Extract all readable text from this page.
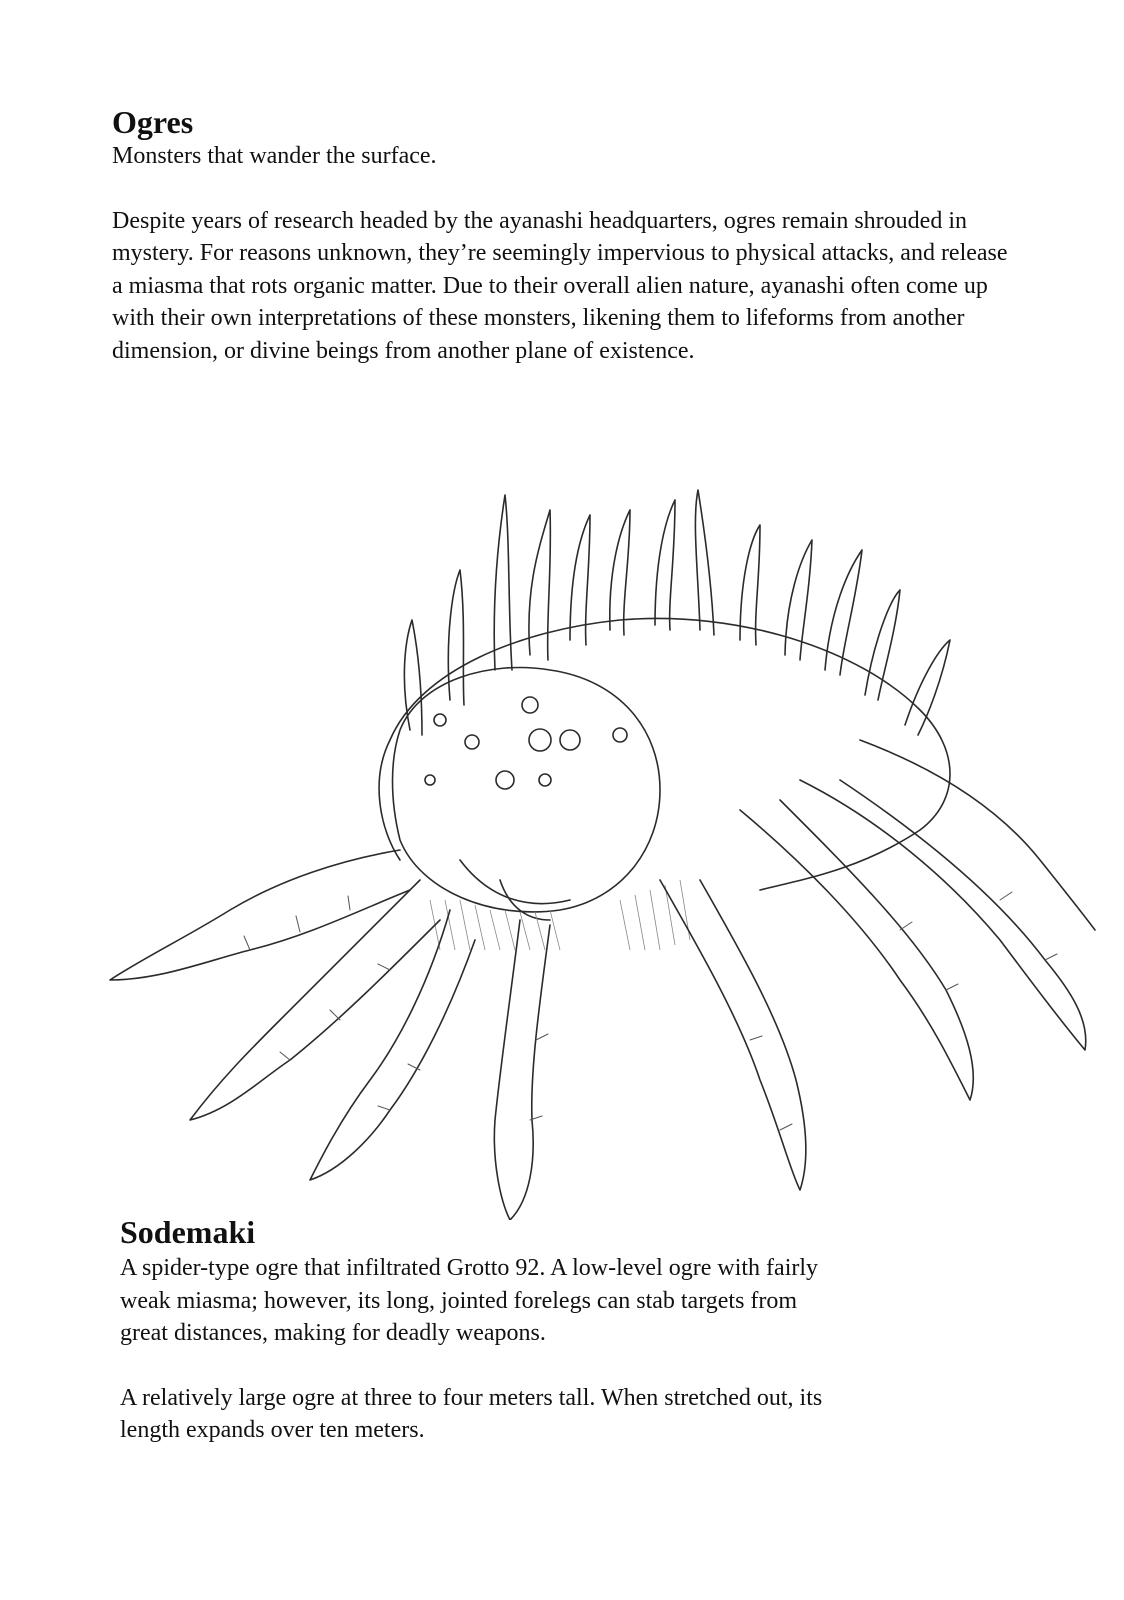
Ogres

Monsters that wander the surface.

Despite years of research headed by the ayanashi headquarters, ogres remain shrouded in mystery. For reasons unknown, they’re seemingly impervious to physical attacks, and release a miasma that rots organic matter. Due to their overall alien nature, ayanashi often come up with their own interpretations of these monsters, likening them to lifeforms from another dimension, or divine beings from another plane of existence.

Sodemaki

A spider-type ogre that infiltrated Grotto 92. A low-level ogre with fairly weak miasma; however, its long, jointed forelegs can stab targets from great distances, making for deadly weapons.

A relatively large ogre at three to four meters tall. When stretched out, its length expands over ten meters.
